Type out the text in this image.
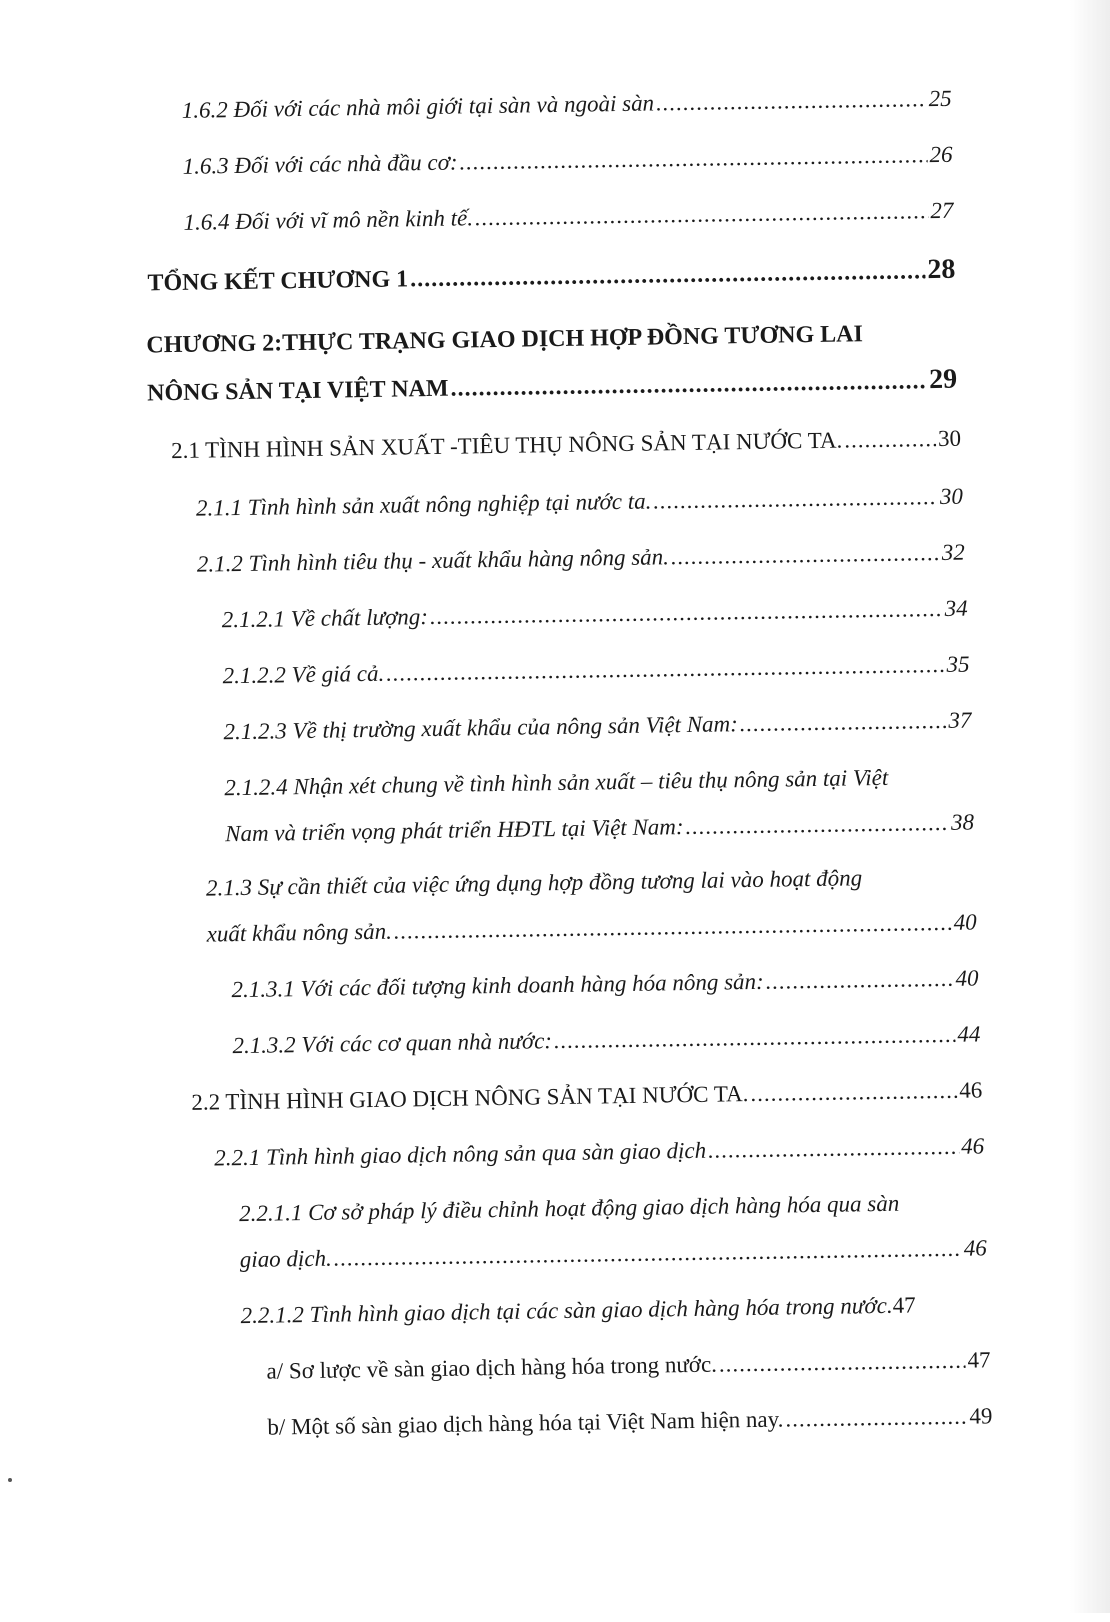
1.6.2 Đối với các nhà môi giới tại sàn và ngoài sàn .....	25
1.6.3 Đối với các nhà đầu cơ: .....	26
1.6.4 Đối với vĩ mô nền kinh tế. .....	27
TỔNG KẾT CHƯƠNG 1 .....	28
CHƯƠNG 2:THỰC TRẠNG GIAO DỊCH HỢP ĐỒNG TƯƠNG LAI
NÔNG SẢN TẠI VIỆT NAM .....	29
2.1 TÌNH HÌNH SẢN XUẤT -TIÊU THỤ NÔNG SẢN TẠI NƯỚC TA. .....	30
2.1.1 Tình hình sản xuất nông nghiệp tại nước ta. .....	30
2.1.2 Tình hình tiêu thụ - xuất khẩu hàng nông sản. .....	32
2.1.2.1 Về chất lượng: .....	34
2.1.2.2 Về giá cả. .....	35
2.1.2.3 Về thị trường xuất khẩu của nông sản Việt Nam: .....	37
2.1.2.4 Nhận xét chung về tình hình sản xuất – tiêu thụ nông sản tại Việt
Nam và triển vọng phát triển HĐTL tại Việt Nam: .....	38
2.1.3 Sự cần thiết của việc ứng dụng hợp đồng tương lai vào hoạt động
xuất khẩu nông sản. .....	40
2.1.3.1 Với các đối tượng kinh doanh hàng hóa nông sản: .....	40
2.1.3.2 Với các cơ quan nhà nước: .....	44
2.2 TÌNH HÌNH GIAO DỊCH NÔNG SẢN TẠI NƯỚC TA. .....	46
2.2.1 Tình hình giao dịch nông sản qua sàn giao dịch .....	46
2.2.1.1 Cơ sở pháp lý điều chỉnh hoạt động giao dịch hàng hóa qua sàn
giao dịch. .....	46
2.2.1.2 Tình hình giao dịch tại các sàn giao dịch hàng hóa trong nước.47
a/ Sơ lược về sàn giao dịch hàng hóa trong nước. .....	47
b/ Một số sàn giao dịch hàng hóa tại Việt Nam hiện nay. .....	49
